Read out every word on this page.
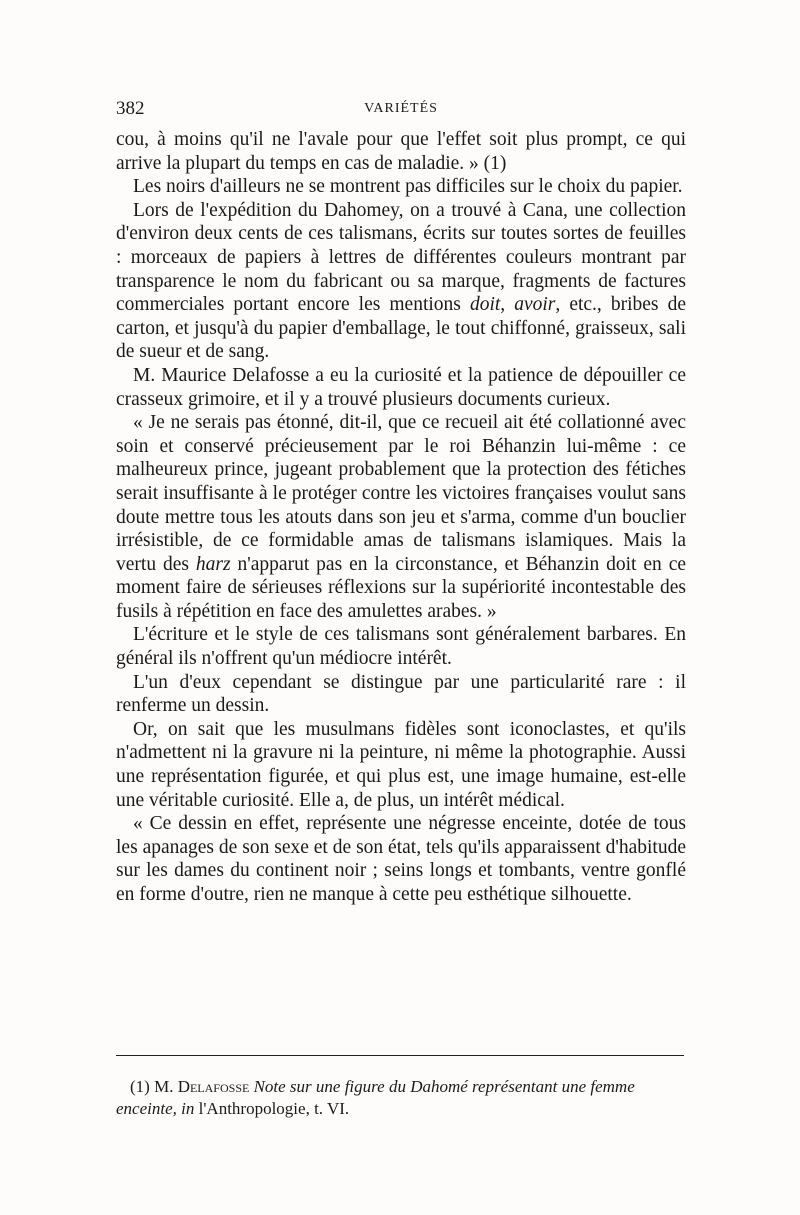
382	VARIÉTÉS

cou, à moins qu'il ne l'avale pour que l'effet soit plus prompt, ce qui arrive la plupart du temps en cas de maladie. » (1)

Les noirs d'ailleurs ne se montrent pas difficiles sur le choix du papier.

Lors de l'expédition du Dahomey, on a trouvé à Cana, une collection d'environ deux cents de ces talismans, écrits sur toutes sortes de feuilles : morceaux de papiers à lettres de différentes couleurs montrant par transparence le nom du fabricant ou sa marque, fragments de factures commerciales portant encore les mentions doit, avoir, etc., bribes de carton, et jusqu'à du papier d'emballage, le tout chiffonné, graisseux, sali de sueur et de sang.

M. Maurice Delafosse a eu la curiosité et la patience de dépouiller ce crasseux grimoire, et il y a trouvé plusieurs documents curieux.

« Je ne serais pas étonné, dit-il, que ce recueil ait été collationné avec soin et conservé précieusement par le roi Béhanzin lui-même : ce malheureux prince, jugeant probablement que la protection des fétiches serait insuffisante à le protéger contre les victoires françaises voulut sans doute mettre tous les atouts dans son jeu et s'arma, comme d'un bouclier irrésistible, de ce formidable amas de talismans islamiques. Mais la vertu des harz n'apparut pas en la circonstance, et Béhanzin doit en ce moment faire de sérieuses réflexions sur la supériorité incontestable des fusils à répétition en face des amulettes arabes. »

L'écriture et le style de ces talismans sont généralement barbares. En général ils n'offrent qu'un médiocre intérêt.

L'un d'eux cependant se distingue par une particularité rare : il renferme un dessin.

Or, on sait que les musulmans fidèles sont iconoclastes, et qu'ils n'admettent ni la gravure ni la peinture, ni même la photographie. Aussi une représentation figurée, et qui plus est, une image humaine, est-elle une véritable curiosité. Elle a, de plus, un intérêt médical.

« Ce dessin en effet, représente une négresse enceinte, dotée de tous les apanages de son sexe et de son état, tels qu'ils apparaissent d'habitude sur les dames du continent noir ; seins longs et tombants, ventre gonflé en forme d'outre, rien ne manque à cette peu esthétique silhouette.

(1) M. Delafosse Note sur une figure du Dahomé représentant une femme enceinte, in l'Anthropologie, t. VI.
